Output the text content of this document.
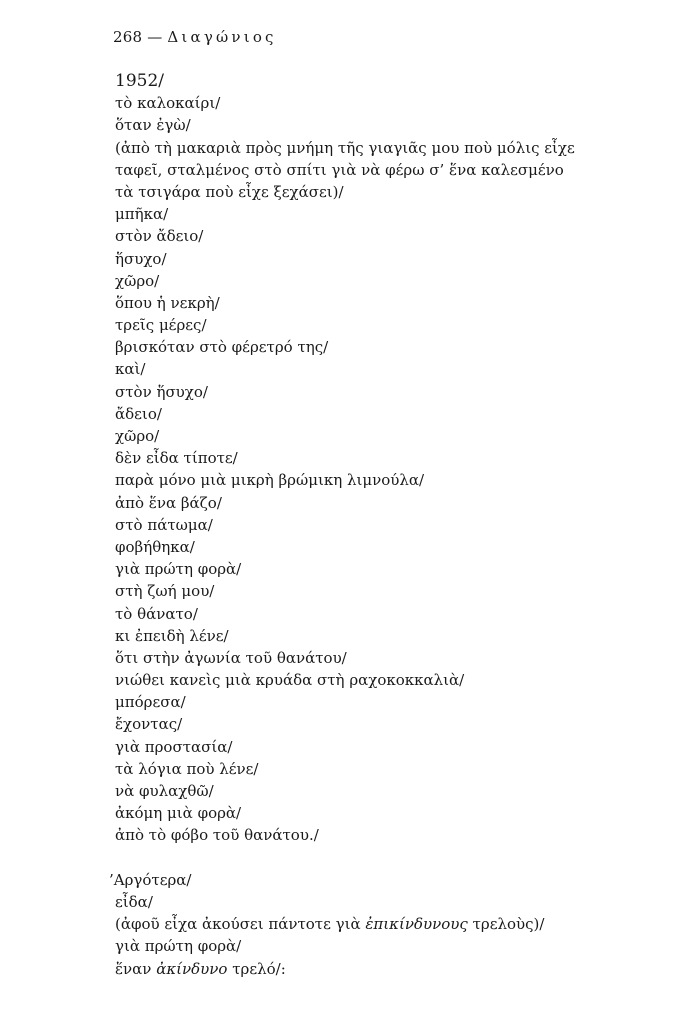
268 — Διαγώνιος
1952/
τὸ καλοκαίρι/
ὅταν ἐγὼ/
(ἀπὸ τὴ μακαριὰ πρὸς μνήμη τῆς γιαγιᾶς μου ποὺ μόλις εἶχε
ταφεῖ, σταλμένος στὸ σπίτι γιὰ νὰ φέρω σ’ ἕνα καλεσμένο
τὰ τσιγάρα ποὺ εἶχε ξεχάσει)/
μπῆκα/
στὸν ἄδειο/
ἥσυχο/
χῶρο/
ὅπου ἡ νεκρὴ/
τρεῖς μέρες/
βρισκόταν στὸ φέρετρό της/
καὶ/
στὸν ἥσυχο/
ἄδειο/
χῶρο/
δὲν εἶδα τίποτε/
παρὰ μόνο μιὰ μικρὴ βρώμικη λιμνούλα/
ἀπὸ ἕνα βάζο/
στὸ πάτωμα/
φοβήθηκα/
γιὰ πρώτη φορὰ/
στὴ ζωή μου/
τὸ θάνατο/
κι ἐπειδὴ λένε/
ὅτι στὴν ἀγωνία τοῦ θανάτου/
νιώθει κανεὶς μιὰ κρυάδα στὴ ραχοκοκκαλιὰ/
μπόρεσα/
ἔχοντας/
γιὰ προστασία/
τὰ λόγια ποὺ λένε/
νὰ φυλαχθῶ/
ἀκόμη μιὰ φορὰ/
ἀπὸ τὸ φόβο τοῦ θανάτου./
’Αργότερα/
εἶδα/
(ἀφοῦ εἶχα ἀκούσει πάντοτε γιὰ ἐπικίνδυνους τρελοὺς)/
γιὰ πρώτη φορὰ/
ἕναν ἀκίνδυνο τρελό/:
